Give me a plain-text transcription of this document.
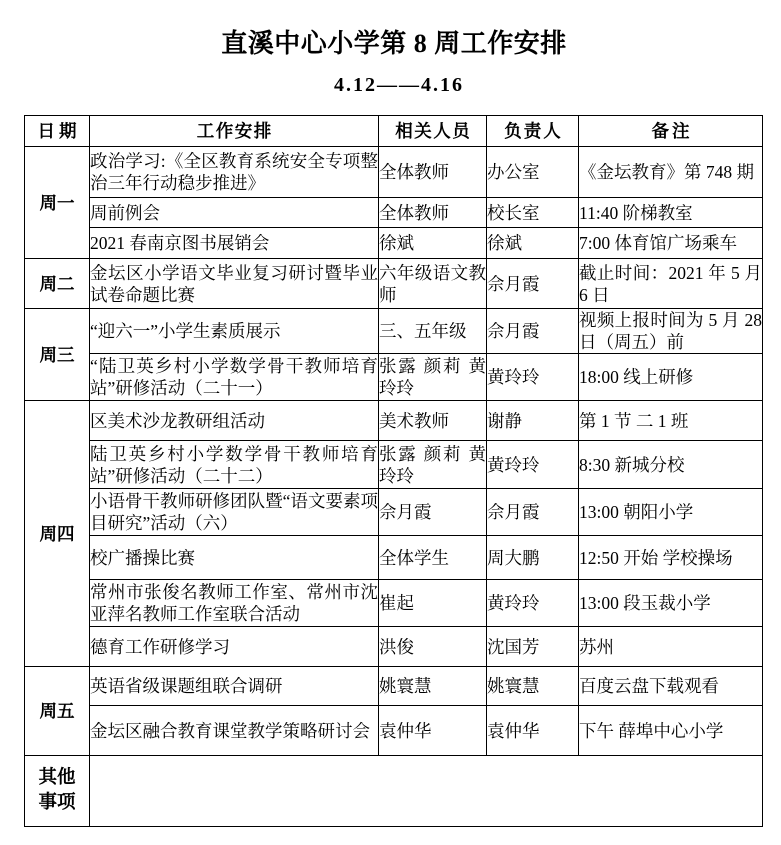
直溪中心小学第 8 周工作安排
4.12——4.16
日期	工作安排	相关人员	负责人	备注
周一	政治学习:《全区教育系统安全专项整治三年行动稳步推进》	全体教师	办公室	《金坛教育》第 748 期
	周前例会	全体教师	校长室	11:40 阶梯教室
	2021 春南京图书展销会	徐斌	徐斌	7:00 体育馆广场乘车
周二	金坛区小学语文毕业复习研讨暨毕业试卷命题比赛	六年级语文教师	佘月霞	截止时间：2021 年 5 月 6 日
周三	“迎六一”小学生素质展示	三、五年级	佘月霞	视频上报时间为 5 月 28 日（周五）前
	“陆卫英乡村小学数学骨干教师培育站”研修活动（二十一）	张露 颜莉 黄玲玲	黄玲玲	18:00 线上研修
周四	区美术沙龙教研组活动	美术教师	谢静	第 1 节 二 1 班
	陆卫英乡村小学数学骨干教师培育站”研修活动（二十二）	张露 颜莉 黄玲玲	黄玲玲	8:30 新城分校
	小语骨干教师研修团队暨“语文要素项目研究”活动（六）	佘月霞	佘月霞	13:00 朝阳小学
	校广播操比赛	全体学生	周大鹏	12:50 开始 学校操场
	常州市张俊名教师工作室、常州市沈亚萍名教师工作室联合活动	崔起	黄玲玲	13:00 段玉裁小学
	德育工作研修学习	洪俊	沈国芳	苏州
周五	英语省级课题组联合调研	姚寰慧	姚寰慧	百度云盘下载观看
	金坛区融合教育课堂教学策略研讨会	袁仲华	袁仲华	下午 薛埠中心小学
其他事项				
